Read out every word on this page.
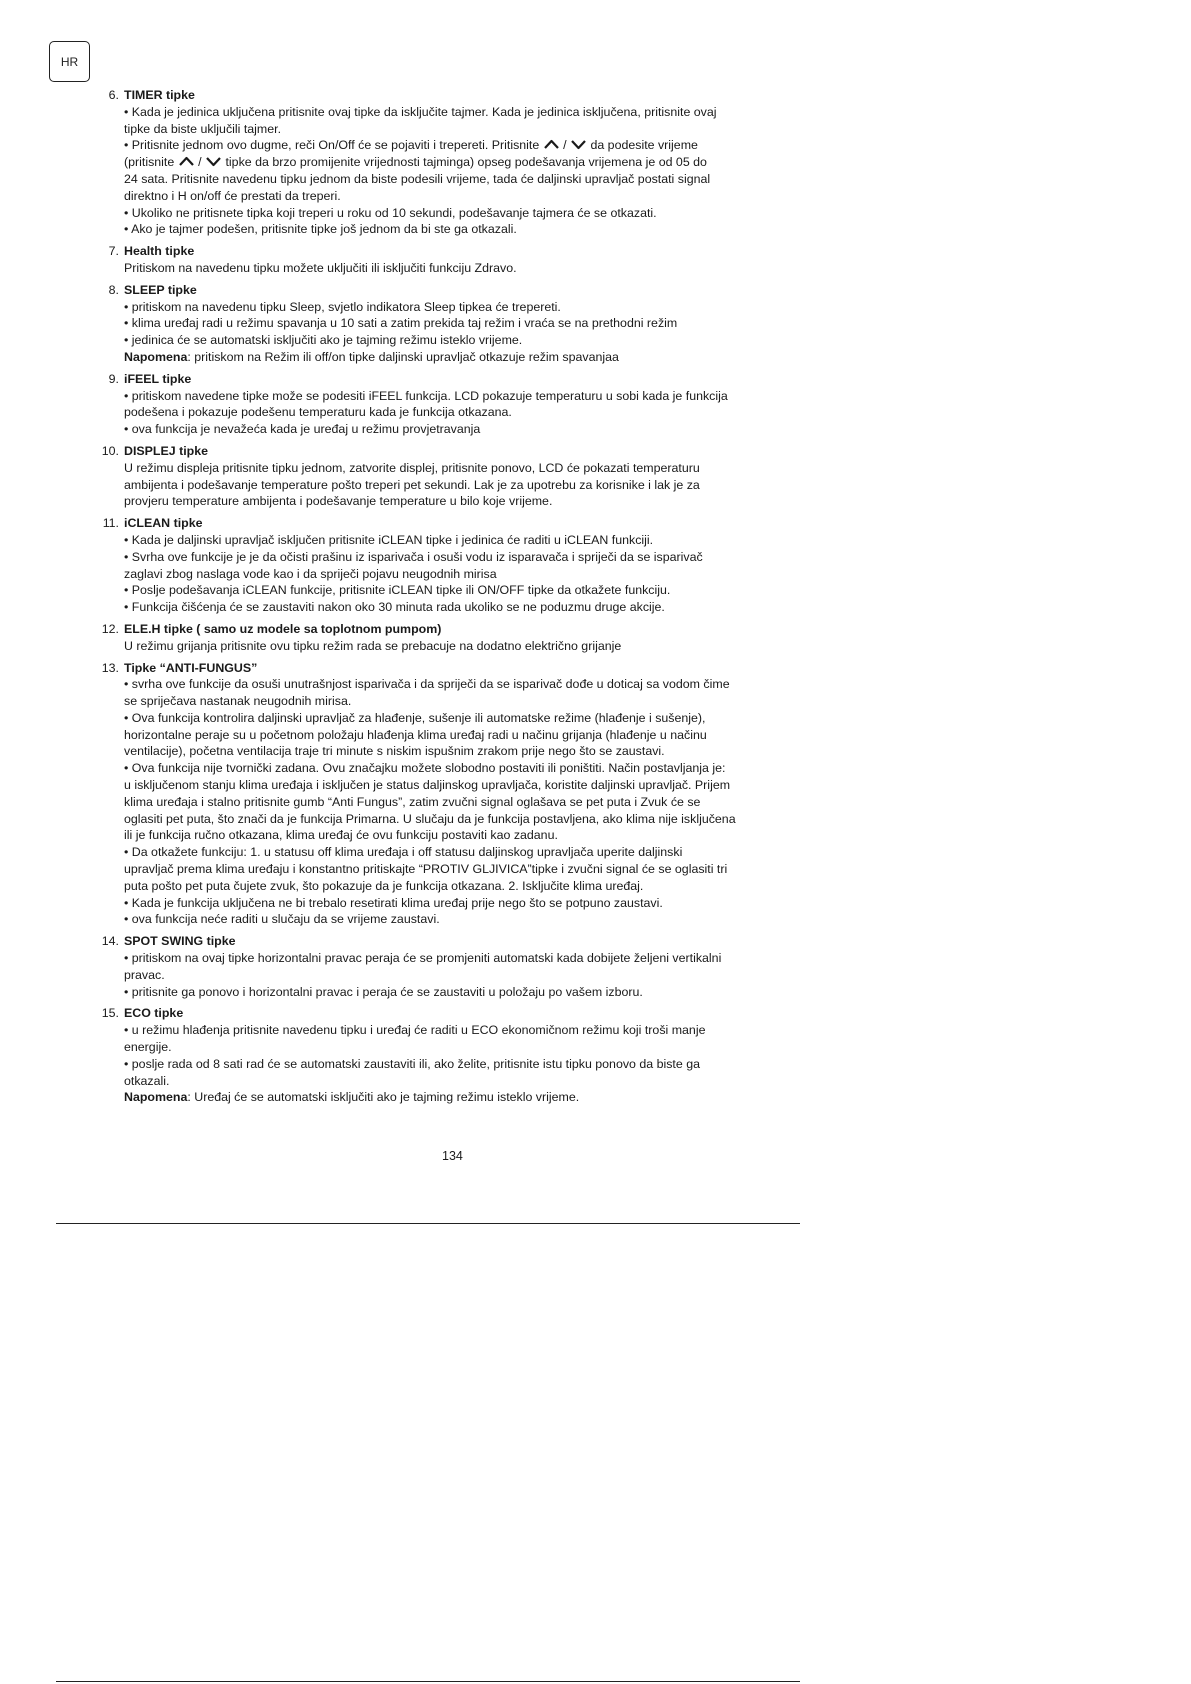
HR
6. TIMER tipke
• Kada je jedinica uključena pritisnite ovaj tipke da isključite tajmer. Kada je jedinica isključena, pritisnite ovaj
tipke da biste uključili tajmer.
• Pritisnite jednom ovo dugme, reči On/Off će se pojaviti i trepereti. Pritisnite
/
da podesite vrijeme
(pritisnite
/
tipke da brzo promijenite vrijednosti tajminga) opseg podešavanja vrijemena je od 05 do
24 sata. Pritisnite navedenu tipku jednom da biste podesili vrijeme, tada će daljinski upravljač postati signal
direktno i H on/off će prestati da treperi.
• Ukoliko ne pritisnete tipka koji treperi u roku od 10 sekundi, podešavanje tajmera će se otkazati.
• Ako je tajmer podešen, pritisnite tipke još jednom da bi ste ga otkazali.
7. Health tipke
Pritiskom na navedenu tipku možete uključiti ili isključiti funkciju Zdravo.
8. SLEEP tipke
• pritiskom na navedenu tipku Sleep, svjetlo indikatora Sleep tipkea će trepereti.
• klima uređaj radi u režimu spavanja u 10 sati a zatim prekida taj režim i vraća se na prethodni režim
• jedinica će se automatski isključiti ako je tajming režimu isteklo vrijeme.
Napomena: pritiskom na Režim ili off/on tipke daljinski upravljač otkazuje režim spavanjaa
9. iFEEL tipke
• pritiskom navedene tipke može se podesiti iFEEL funkcija. LCD pokazuje temperaturu u sobi kada je funkcija
podešena i pokazuje podešenu temperaturu kada je funkcija otkazana.
• ova funkcija je nevažeća kada je uređaj u režimu provjetravanja
10. DISPLEJ tipke
U režimu displeja pritisnite tipku jednom, zatvorite displej, pritisnite ponovo, LCD će pokazati temperaturu
ambijenta i podešavanje temperature pošto treperi pet sekundi. Lak je za upotrebu za korisnike i lak je za
provjeru temperature ambijenta i podešavanje temperature u bilo koje vrijeme.
11. iCLEAN tipke
• Kada je daljinski upravljač isključen pritisnite iCLEAN tipke i jedinica će raditi u iCLEAN funkciji.
• Svrha ove funkcije je je da očisti prašinu iz isparivača i osuši vodu iz isparavača i spriječi da se isparivač
zaglavi zbog naslaga vode kao i da spriječi pojavu neugodnih mirisa
• Poslje podešavanja iCLEAN funkcije, pritisnite iCLEAN tipke ili ON/OFF tipke da otkažete funkciju.
• Funkcija čišćenja će se zaustaviti nakon oko 30 minuta rada ukoliko se ne poduzmu druge akcije.
12. ELE.H tipke ( samo uz modele sa toplotnom pumpom)
U režimu grijanja pritisnite ovu tipku režim rada se prebacuje na dodatno električno grijanje
13. Tipke “ANTI-FUNGUS”
• svrha ove funkcije da osuši unutrašnjost isparivača i da spriječi da se isparivač dođe u doticaj sa vodom čime
se spriječava nastanak neugodnih mirisa.
• Ova funkcija kontrolira daljinski upravljač za hlađenje, sušenje ili automatske režime (hlađenje i sušenje),
horizontalne peraje su u početnom položaju hlađenja klima uređaj radi u načinu grijanja (hlađenje u načinu
ventilacije), početna ventilacija traje tri minute s niskim ispušnim zrakom prije nego što se zaustavi.
• Ova funkcija nije tvornički zadana. Ovu značajku možete slobodno postaviti ili poništiti. Način postavljanja je:
u isključenom stanju klima uređaja i isključen je status daljinskog upravljača, koristite daljinski upravljač. Prijem
klima uređaja i stalno pritisnite gumb “Anti Fungus”, zatim zvučni signal oglašava se pet puta i Zvuk će se
oglasiti pet puta, što znači da je funkcija Primarna. U slučaju da je funkcija postavljena, ako klima nije isključena
ili je funkcija ručno otkazana, klima uređaj će ovu funkciju postaviti kao zadanu.
• Da otkažete funkciju: 1. u statusu off klima uređaja i off statusu daljinskog upravljača uperite daljinski
upravljač prema klima uređaju i konstantno pritiskajte “PROTIV GLJIVICA”tipke i zvučni signal će se oglasiti tri
puta pošto pet puta čujete zvuk, što pokazuje da je funkcija otkazana. 2. Isključite klima uređaj.
• Kada je funkcija uključena ne bi trebalo resetirati klima uređaj prije nego što se potpuno zaustavi.
• ova funkcija neće raditi u slučaju da se vrijeme zaustavi.
14. SPOT SWING tipke
• pritiskom na ovaj tipke horizontalni pravac peraja će se promjeniti automatski kada dobijete željeni vertikalni
pravac.
• pritisnite ga ponovo i horizontalni pravac i peraja će se zaustaviti u položaju po vašem izboru.
15. ECO tipke
• u režimu hlađenja pritisnite navedenu tipku i uređaj će raditi u ECO ekonomičnom režimu koji troši manje
energije.
• poslje rada od 8 sati rad će se automatski zaustaviti ili, ako želite, pritisnite istu tipku ponovo da biste ga
otkazali.
Napomena: Uređaj će se automatski isključiti ako je tajming režimu isteklo vrijeme.
134
